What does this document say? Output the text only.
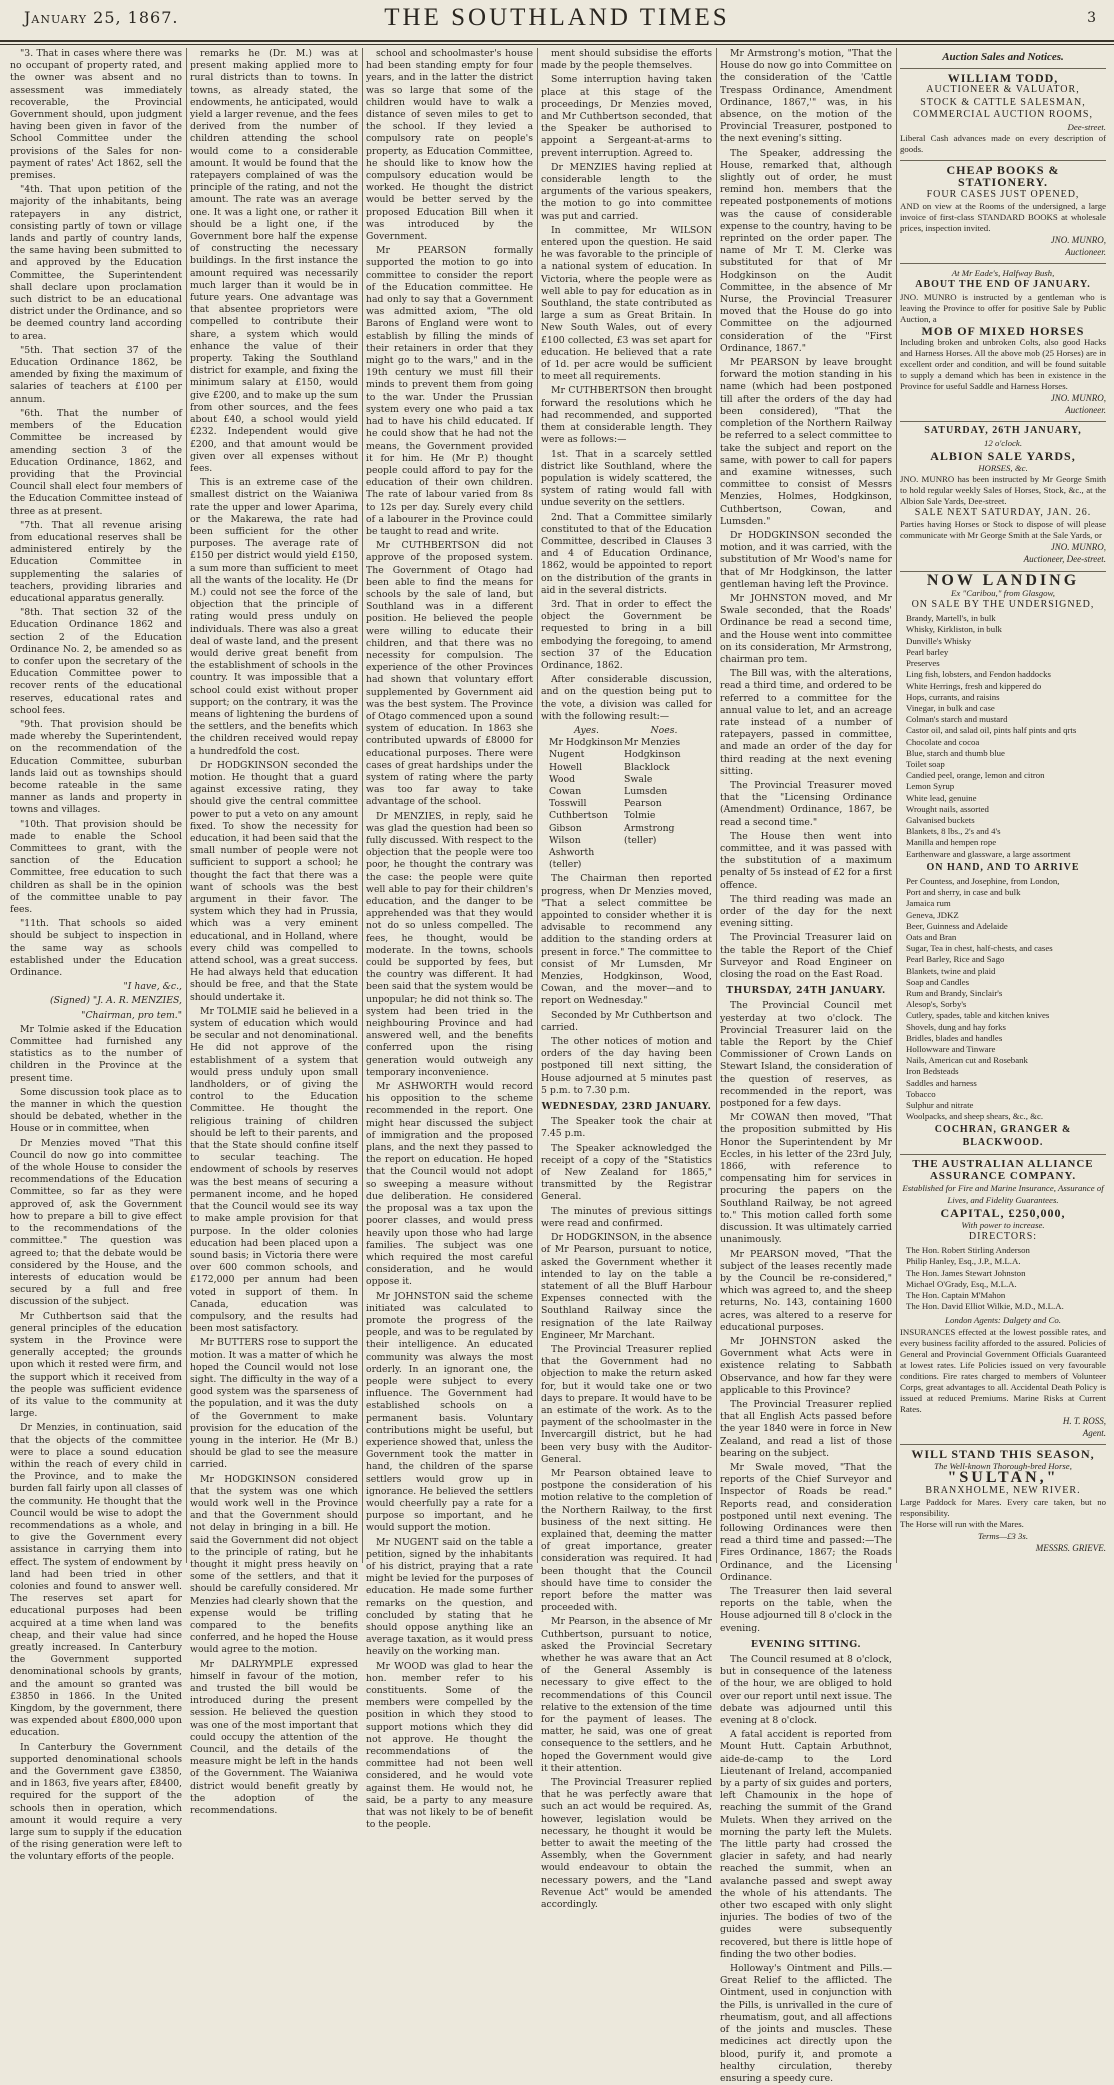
January 25, 1867.	THE SOUTHLAND TIMES	3

"3. That in cases where there was no occupant of property rated, and the owner was absent and no assessment was immediately recoverable, the Provincial Government should, upon judgment having been given in favor of the School Committee under the provisions of the Sales for non-payment of rates' Act 1862, sell the premises.

"4th. That upon petition of the majority of the inhabitants, being ratepayers in any district, consisting partly of town or village lands and partly of country lands, the same having been submitted to and approved by the Education Committee, the Superintendent shall declare upon proclamation such district to be an educational district under the Ordinance, and so be deemed country land according to area.

"5th. That section 37 of the Education Ordinance 1862, be amended by fixing the maximum of salaries of teachers at £100 per annum.

"6th. That the number of members of the Education Committee be increased by amending section 3 of the Education Ordinance, 1862, and providing that the Provincial Council shall elect four members of the Education Committee instead of three as at present.

"7th. That all revenue arising from educational reserves shall be administered entirely by the Education Committee in supplementing the salaries of teachers, providing libraries and educational apparatus generally.

"8th. That section 32 of the Education Ordinance 1862 and section 2 of the Education Ordinance No. 2, be amended so as to confer upon the secretary of the Education Committee power to recover rents of the educational reserves, educational rates and school fees.

"9th. That provision should be made whereby the Superintendent, on the recommendation of the Education Committee, suburban lands laid out as townships should become rateable in the same manner as lands and property in towns and villages.

"10th. That provision should be made to enable the School Committees to grant, with the sanction of the Education Committee, free education to such children as shall be in the opinion of the committee unable to pay fees.

"11th. That schools so aided should be subject to inspection in the same way as schools established under the Education Ordinance.

"I have, &c.,

(Signed) "J. A. R. MENZIES,

"Chairman, pro tem."

Mr Tolmie asked if the Education Committee had furnished any statistics as to the number of children in the Province at the present time.

Some discussion took place as to the manner in which the question should be debated, whether in the House or in committee, when

Dr Menzies moved "That this Council do now go into committee of the whole House to consider the recommendations of the Education Committee, so far as they were approved of, ask the Government how to prepare a bill to give effect to the recommendations of the committee." The question was agreed to; that the debate would be considered by the House, and the interests of education would be secured by a full and free discussion of the subject.

Mr Cuthbertson said that the general principles of the education system in the Province were generally accepted; the grounds upon which it rested were firm, and the support which it received from the people was sufficient evidence of its value to the community at large.

Dr Menzies, in continuation, said that the objects of the committee were to place a sound education within the reach of every child in the Province, and to make the burden fall fairly upon all classes of the community. He thought that the Council would be wise to adopt the recommendations as a whole, and to give the Government every assistance in carrying them into effect. The system of endowment by land had been tried in other colonies and found to answer well. The reserves set apart for educational purposes had been acquired at a time when land was cheap, and their value had since greatly increased. In Canterbury the Government supported denominational schools by grants, and the amount so granted was £3850 in 1866. In the United Kingdom, by the government, there was expended about £800,000 upon education.

In Canterbury the Government supported denominational schools and the Government gave £3850, and in 1863, five years after, £8400, required for the support of the schools then in operation, which amount it would require a very large sum to supply if the education of the rising generation were left to the voluntary efforts of the people.

remarks he (Dr. M.) was at present making applied more to rural districts than to towns. In towns, as already stated, the endowments, he anticipated, would yield a larger revenue, and the fees derived from the number of children attending the school would come to a considerable amount. It would be found that the ratepayers complained of was the principle of the rating, and not the amount. The rate was an average one. It was a light one, or rather it should be a light one, if the Government bore half the expense of constructing the necessary buildings. In the first instance the amount required was necessarily much larger than it would be in future years. One advantage was that absentee proprietors were compelled to contribute their share, a system which would enhance the value of their property. Taking the Southland district for example, and fixing the minimum salary at £150, would give £200, and to make up the sum from other sources, and the fees about £40, a school would yield £232. Independent would give £200, and that amount would be given over all expenses without fees.

This is an extreme case of the smallest district on the Waianiwa rate the upper and lower Aparima, or the Makarewa, the rate had been sufficient for the other purposes. The average rate of £150 per district would yield £150, a sum more than sufficient to meet all the wants of the locality. He (Dr M.) could not see the force of the objection that the principle of rating would press unduly on individuals. There was also a great deal of waste land, and the present would derive great benefit from the establishment of schools in the country. It was impossible that a school could exist without proper support; on the contrary, it was the means of lightening the burdens of the settlers, and the benefits which the children received would repay a hundredfold the cost.

Dr HODGKINSON seconded the motion. He thought that a guard against excessive rating, they should give the central committee power to put a veto on any amount fixed. To show the necessity for education, it had been said that the small number of people were not sufficient to support a school; he thought the fact that there was a want of schools was the best argument in their favor. The system which they had in Prussia, which was a very eminent educational, and in Holland, where every child was compelled to attend school, was a great success. He had always held that education should be free, and that the State should undertake it.

Mr TOLMIE said he believed in a system of education which would be secular and not denominational. He did not approve of the establishment of a system that would press unduly upon small landholders, or of giving the control to the Education Committee. He thought the religious training of children should be left to their parents, and that the State should confine itself to secular teaching. The endowment of schools by reserves was the best means of securing a permanent income, and he hoped that the Council would see its way to make ample provision for that purpose. In the older colonies education had been placed upon a sound basis; in Victoria there were over 600 common schools, and £172,000 per annum had been voted in support of them. In Canada, education was compulsory, and the results had been most satisfactory.

Mr BUTTERS rose to support the motion. It was a matter of which he hoped the Council would not lose sight. The difficulty in the way of a good system was the sparseness of the population, and it was the duty of the Government to make provision for the education of the young in the interior. He (Mr B.) should be glad to see the measure carried.

Mr HODGKINSON considered that the system was one which would work well in the Province and that the Government should not delay in bringing in a bill. He said the Government did not object to the principle of rating, but he thought it might press heavily on some of the settlers, and that it should be carefully considered. Mr Menzies had clearly shown that the expense would be trifling compared to the benefits conferred, and he hoped the House would agree to the motion.

Mr DALRYMPLE expressed himself in favour of the motion, and trusted the bill would be introduced during the present session. He believed the question was one of the most important that could occupy the attention of the Council, and the details of the measure might be left in the hands of the Government. The Waianiwa district would benefit greatly by the adoption of the recommendations.

school and schoolmaster's house had been standing empty for four years, and in the latter the district was so large that some of the children would have to walk a distance of seven miles to get to the school. If they levied a compulsory rate on people's property, as Education Committee, he should like to know how the compulsory education would be worked. He thought the district would be better served by the proposed Education Bill when it was introduced by the Government.

Mr PEARSON formally supported the motion to go into committee to consider the report of the Education committee. He had only to say that a Government was admitted axiom, "The old Barons of England were wont to establish by filling the minds of their retainers in order that they might go to the wars," and in the 19th century we must fill their minds to prevent them from going to the war. Under the Prussian system every one who paid a tax had to have his child educated. If he could show that he had not the means, the Government provided it for him. He (Mr P.) thought people could afford to pay for the education of their own children. The rate of labour varied from 8s to 12s per day. Surely every child of a labourer in the Province could be taught to read and write.

Mr CUTHBERTSON did not approve of the proposed system. The Government of Otago had been able to find the means for schools by the sale of land, but Southland was in a different position. He believed the people were willing to educate their children, and that there was no necessity for compulsion. The experience of the other Provinces had shown that voluntary effort supplemented by Government aid was the best system. The Province of Otago commenced upon a sound system of education. In 1863 she contributed upwards of £8000 for educational purposes. There were cases of great hardships under the system of rating where the party was too far away to take advantage of the school.

Dr MENZIES, in reply, said he was glad the question had been so fully discussed. With respect to the objection that the people were too poor, he thought the contrary was the case: the people were quite well able to pay for their children's education, and the danger to be apprehended was that they would not do so unless compelled. The fees, he thought, would be moderate. In the towns, schools could be supported by fees, but the country was different. It had been said that the system would be unpopular; he did not think so. The system had been tried in the neighbouring Province and had answered well, and the benefits conferred upon the rising generation would outweigh any temporary inconvenience.

Mr ASHWORTH would record his opposition to the scheme recommended in the report. One might hear discussed the subject of immigration and the proposed plans, and the next they passed to the report on education. He hoped that the Council would not adopt so sweeping a measure without due deliberation. He considered the proposal was a tax upon the poorer classes, and would press heavily upon those who had large families. The subject was one which required the most careful consideration, and he would oppose it.

Mr JOHNSTON said the scheme initiated was calculated to promote the progress of the people, and was to be regulated by their intelligence. An educated community was always the most orderly. In an ignorant one, the people were subject to every influence. The Government had established schools on a permanent basis. Voluntary contributions might be useful, but experience showed that, unless the Government took the matter in hand, the children of the sparse settlers would grow up in ignorance. He believed the settlers would cheerfully pay a rate for a purpose so important, and he would support the motion.

Mr NUGENT said on the table a petition, signed by the inhabitants of his district, praying that a rate might be levied for the purposes of education. He made some further remarks on the question, and concluded by stating that he should oppose anything like an average taxation, as it would press heavily on the working man.

Mr WOOD was glad to hear the hon. member refer to his constituents. Some of the members were compelled by the position in which they stood to support motions which they did not approve. He thought the recommendations of the committee had not been well considered, and he would vote against them. He would not, he said, be a party to any measure that was not likely to be of benefit to the people.

ment should subsidise the efforts made by the people themselves.

Some interruption having taken place at this stage of the proceedings, Dr Menzies moved, and Mr Cuthbertson seconded, that the Speaker be authorised to appoint a Sergeant-at-arms to prevent interruption. Agreed to.

Dr MENZIES having replied at considerable length to the arguments of the various speakers, the motion to go into committee was put and carried.

In committee, Mr WILSON entered upon the question. He said he was favorable to the principle of a national system of education. In Victoria, where the people were as well able to pay for education as in Southland, the state contributed as large a sum as Great Britain. In New South Wales, out of every £100 collected, £3 was set apart for education. He believed that a rate of 1d. per acre would be sufficient to meet all requirements.

Mr CUTHBERTSON then brought forward the resolutions which he had recommended, and supported them at considerable length. They were as follows:—

1st. That in a scarcely settled district like Southland, where the population is widely scattered, the system of rating would fall with undue severity on the settlers.

2nd. That a Committee similarly constituted to that of the Education Committee, described in Clauses 3 and 4 of Education Ordinance, 1862, would be appointed to report on the distribution of the grants in aid in the several districts.

3rd. That in order to effect the object the Government be requested to bring in a bill embodying the foregoing, to amend section 37 of the Education Ordinance, 1862.

After considerable discussion, and on the question being put to the vote, a division was called for with the following result:—

Ayes.
Mr Hodgkinson
Nugent
Howell
Wood
Cowan
Tosswill
Cuthbertson
Gibson
Wilson
Ashworth (teller)
Noes.
Mr Menzies
Hodgkinson
Blacklock
Swale
Lumsden
Pearson
Tolmie
Armstrong (teller)

The Chairman then reported progress, when Dr Menzies moved, "That a select committee be appointed to consider whether it is advisable to recommend any addition to the standing orders at present in force." The committee to consist of Mr Lumsden, Mr Menzies, Hodgkinson, Wood, Cowan, and the mover—and to report on Wednesday."

Seconded by Mr Cuthbertson and carried.

The other notices of motion and orders of the day having been postponed till next sitting, the House adjourned at 5 minutes past 5 p.m. to 7.30 p.m.

WEDNESDAY, 23RD JANUARY.

The Speaker took the chair at 7.45 p.m.

The Speaker acknowledged the receipt of a copy of the "Statistics of New Zealand for 1865," transmitted by the Registrar General.

The minutes of previous sittings were read and confirmed.

Dr HODGKINSON, in the absence of Mr Pearson, pursuant to notice, asked the Government whether it intended to lay on the table a statement of all the Bluff Harbour Expenses connected with the Southland Railway since the resignation of the late Railway Engineer, Mr Marchant.

The Provincial Treasurer replied that the Government had no objection to make the return asked for, but it would take one or two days to prepare. It would have to be an estimate of the work. As to the payment of the schoolmaster in the Invercargill district, but he had been very busy with the Auditor-General.

Mr Pearson obtained leave to postpone the consideration of his motion relative to the completion of the Northern Railway, to the first business of the next sitting. He explained that, deeming the matter of great importance, greater consideration was required. It had been thought that the Council should have time to consider the report before the matter was proceeded with.

Mr Pearson, in the absence of Mr Cuthbertson, pursuant to notice, asked the Provincial Secretary whether he was aware that an Act of the General Assembly is necessary to give effect to the recommendations of this Council relative to the extension of the time for the payment of leases. The matter, he said, was one of great consequence to the settlers, and he hoped the Government would give it their attention.

The Provincial Treasurer replied that he was perfectly aware that such an act would be required. As, however, legislation would be necessary, he thought it would be better to await the meeting of the Assembly, when the Government would endeavour to obtain the necessary powers, and the "Land Revenue Act" would be amended accordingly.

Mr Armstrong's motion, "That the House do now go into Committee on the consideration of the 'Cattle Trespass Ordinance, Amendment Ordinance, 1867,'" was, in his absence, on the motion of the Provincial Treasurer, postponed to the next evening's sitting.

The Speaker, addressing the House, remarked that, although slightly out of order, he must remind hon. members that the repeated postponements of motions was the cause of considerable expense to the country, having to be reprinted on the order paper. The name of Mr T. M. Clerke was substituted for that of Mr Hodgkinson on the Audit Committee, in the absence of Mr Nurse, the Provincial Treasurer moved that the House do go into Committee on the adjourned consideration of the "First Ordinance, 1867."

Mr PEARSON by leave brought forward the motion standing in his name (which had been postponed till after the orders of the day had been considered), "That the completion of the Northern Railway be referred to a select committee to take the subject and report on the same, with power to call for papers and examine witnesses, such committee to consist of Messrs Menzies, Holmes, Hodgkinson, Cuthbertson, Cowan, and Lumsden."

Dr HODGKINSON seconded the motion, and it was carried, with the substitution of Mr Wood's name for that of Mr Hodgkinson, the latter gentleman having left the Province.

Mr JOHNSTON moved, and Mr Swale seconded, that the Roads' Ordinance be read a second time, and the House went into committee on its consideration, Mr Armstrong, chairman pro tem.

The Bill was, with the alterations, read a third time, and ordered to be referred to a committee for the annual value to let, and an acreage rate instead of a number of ratepayers, passed in committee, and made an order of the day for third reading at the next evening sitting.

The Provincial Treasurer moved that the "Licensing Ordinance (Amendment) Ordinance, 1867, be read a second time."

The House then went into committee, and it was passed with the substitution of a maximum penalty of 5s instead of £2 for a first offence.

The third reading was made an order of the day for the next evening sitting.

The Provincial Treasurer laid on the table the Report of the Chief Surveyor and Road Engineer on closing the road on the East Road.

THURSDAY, 24TH JANUARY.

The Provincial Council met yesterday at two o'clock. The Provincial Treasurer laid on the table the Report by the Chief Commissioner of Crown Lands on Stewart Island, the consideration of the question of reserves, as recommended in the report, was postponed for a few days.

Mr COWAN then moved, "That the proposition submitted by His Honor the Superintendent by Mr Eccles, in his letter of the 23rd July, 1866, with reference to compensating him for services in procuring the papers on the Southland Railway, be not agreed to." This motion called forth some discussion. It was ultimately carried unanimously.

Mr PEARSON moved, "That the subject of the leases recently made by the Council be re-considered," which was agreed to, and the sheep returns, No. 143, containing 1600 acres, was altered to a reserve for educational purposes.

Mr JOHNSTON asked the Government what Acts were in existence relating to Sabbath Observance, and how far they were applicable to this Province?

The Provincial Treasurer replied that all English Acts passed before the year 1840 were in force in New Zealand, and read a list of those bearing on the subject.

Mr Swale moved, "That the reports of the Chief Surveyor and Inspector of Roads be read." Reports read, and consideration postponed until next evening. The following Ordinances were then read a third time and passed:—The Fires Ordinance, 1867; the Roads Ordinance, and the Licensing Ordinance.

The Treasurer then laid several reports on the table, when the House adjourned till 8 o'clock in the evening.

EVENING SITTING.

The Council resumed at 8 o'clock, but in consequence of the lateness of the hour, we are obliged to hold over our report until next issue. The debate was adjourned until this evening at 8 o'clock.

A fatal accident is reported from Mount Hutt. Captain Arbuthnot, aide-de-camp to the Lord Lieutenant of Ireland, accompanied by a party of six guides and porters, left Chamounix in the hope of reaching the summit of the Grand Mulets. When they arrived on the morning the party left the Mulets. The little party had crossed the glacier in safety, and had nearly reached the summit, when an avalanche passed and swept away the whole of his attendants. The other two escaped with only slight injuries. The bodies of two of the guides were subsequently recovered, but there is little hope of finding the two other bodies.

Holloway's Ointment and Pills.—Great Relief to the afflicted. The Ointment, used in conjunction with the Pills, is unrivalled in the cure of rheumatism, gout, and all affections of the joints and muscles. These medicines act directly upon the blood, purify it, and promote a healthy circulation, thereby ensuring a speedy cure.

Auction Sales and Notices.
WILLIAM TODD,
AUCTIONEER & VALUATOR,
STOCK & CATTLE SALESMAN,
COMMERCIAL AUCTION ROOMS,
Dee-street.
Liberal Cash advances made on every description of goods.
CHEAP BOOKS & STATIONERY.
FOUR CASES JUST OPENED,
AND on view at the Rooms of the undersigned, a large invoice of first-class STANDARD BOOKS at wholesale prices, inspection invited.
JNO. MUNRO,
Auctioneer.
At Mr Eade's, Halfway Bush,
ABOUT THE END OF JANUARY.
JNO. MUNRO is instructed by a gentleman who is leaving the Province to offer for positive Sale by Public Auction, a
MOB OF MIXED HORSES
Including broken and unbroken Colts, also good Hacks and Harness Horses. All the above mob (25 Horses) are in excellent order and condition, and will be found suitable to supply a demand which has been in existence in the Province for useful Saddle and Harness Horses.
JNO. MUNRO,
Auctioneer.
SATURDAY, 26TH JANUARY,
12 o'clock.
ALBION SALE YARDS,
HORSES, &c.
JNO. MUNRO has been instructed by Mr George Smith to hold regular weekly Sales of Horses, Stock, &c., at the Albion Sale Yards, Dee-street.
SALE NEXT SATURDAY, JAN. 26.
Parties having Horses or Stock to dispose of will please communicate with Mr George Smith at the Sale Yards, or
JNO. MUNRO,
Auctioneer, Dee-street.
NOW LANDING
Ex "Caribou," from Glasgow,
ON SALE BY THE UNDERSIGNED,
Brandy, Martell's, in bulk
Whisky, Kirkliston, in bulk
Dunville's Whisky
Pearl barley
Preserves
Ling fish, lobsters, and Fendon haddocks
White Herrings, fresh and kippered do
Hops, currants, and raisins
Vinegar, in bulk and case
Colman's starch and mustard
Castor oil, and salad oil, pints half pints and qrts
Chocolate and cocoa
Blue, starch and thumb blue
Toilet soap
Candied peel, orange, lemon and citron
Lemon Syrup
White lead, genuine
Wrought nails, assorted
Galvanised buckets
Blankets, 8 lbs., 2's and 4's
Manilla and hempen rope
Earthenware and glassware, a large assortment
ON HAND, AND TO ARRIVE
Per Countess, and Josephine, from London,
Port and sherry, in case and bulk
Jamaica rum
Geneva, JDKZ
Beer, Guinness and Adelaide
Oats and Bran
Sugar, Tea in chest, half-chests, and cases
Pearl Barley, Rice and Sago
Blankets, twine and plaid
Soap and Candles
Rum and Brandy, Sinclair's
Alesop's, Sorby's
Cutlery, spades, table and kitchen knives
Shovels, dung and hay forks
Bridles, blades and handles
Hollowware and Tinware
Nails, American cut and Rosebank
Iron Bedsteads
Saddles and harness
Tobacco
Sulphur and nitrate
Woolpacks, and sheep shears, &c., &c.
COCHRAN, GRANGER & BLACKWOOD.
THE AUSTRALIAN ALLIANCE ASSURANCE COMPANY.
Established for Fire and Marine Insurance, Assurance of Lives, and Fidelity Guarantees.
CAPITAL, £250,000,
With power to increase.
DIRECTORS:
The Hon. Robert Stirling Anderson
Philip Hanley, Esq., J.P., M.L.A.
The Hon. James Stewart Johnston
Michael O'Grady, Esq., M.L.A.
The Hon. Captain M'Mahon
The Hon. David Elliot Wilkie, M.D., M.L.A.
London Agents: Dalgety and Co.
INSURANCES effected at the lowest possible rates, and every business facility afforded to the assured. Policies of General and Provincial Government Officials Guaranteed at lowest rates. Life Policies issued on very favourable conditions. Fire rates charged to members of Volunteer Corps, great advantages to all. Accidental Death Policy is issued at reduced Premiums. Marine Risks at Current Rates.
H. T. ROSS,
Agent.
WILL STAND THIS SEASON,
The Well-known Thorough-bred Horse,
"SULTAN,"
BRANXHOLME, NEW RIVER.
Large Paddock for Mares. Every care taken, but no responsibility.
The Horse will run with the Mares.
Terms—£3 3s.
MESSRS. GRIEVE.
